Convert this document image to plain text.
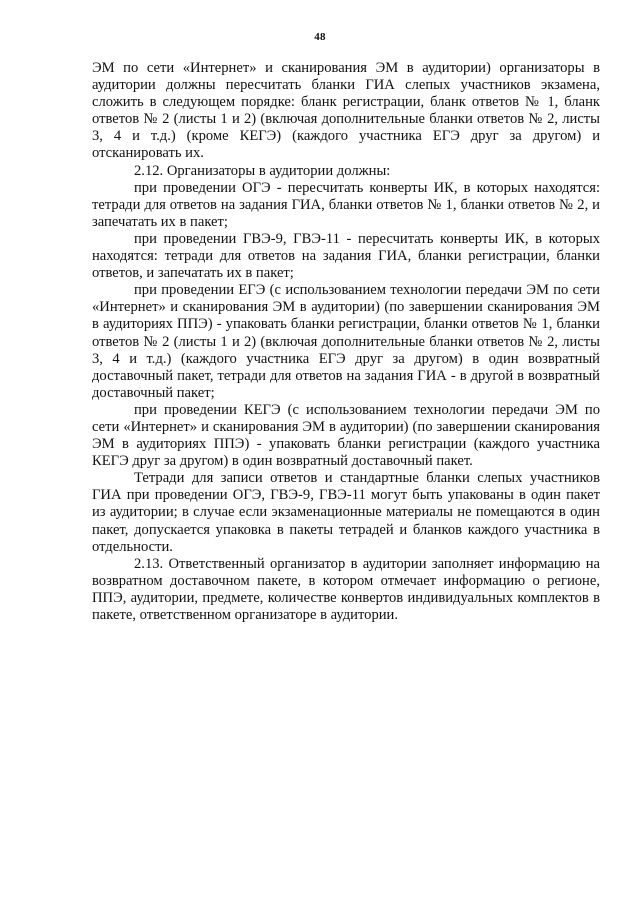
48

ЭМ по сети «Интернет» и сканирования ЭМ в аудитории) организаторы в аудитории должны пересчитать бланки ГИА слепых участников экзамена, сложить в следующем порядке: бланк регистрации, бланк ответов № 1, бланк ответов № 2 (листы 1 и 2) (включая дополнительные бланки ответов № 2, листы 3, 4 и т.д.) (кроме КЕГЭ) (каждого участника ЕГЭ друг за другом) и отсканировать их.

2.12. Организаторы в аудитории должны:

при проведении ОГЭ - пересчитать конверты ИК, в которых находятся: тетради для ответов на задания ГИА, бланки ответов № 1, бланки ответов № 2, и запечатать их в пакет;

при проведении ГВЭ-9, ГВЭ-11 - пересчитать конверты ИК, в которых находятся: тетради для ответов на задания ГИА, бланки регистрации, бланки ответов, и запечатать их в пакет;

при проведении ЕГЭ (с использованием технологии передачи ЭМ по сети «Интернет» и сканирования ЭМ в аудитории) (по завершении сканирования ЭМ в аудиториях ППЭ) - упаковать бланки регистрации, бланки ответов № 1, бланки ответов № 2 (листы 1 и 2) (включая дополнительные бланки ответов № 2, листы 3, 4 и т.д.) (каждого участника ЕГЭ друг за другом) в один возвратный доставочный пакет, тетради для ответов на задания ГИА - в другой в возвратный доставочный пакет;

при проведении КЕГЭ (с использованием технологии передачи ЭМ по сети «Интернет» и сканирования ЭМ в аудитории) (по завершении сканирования ЭМ в аудиториях ППЭ) - упаковать бланки регистрации (каждого участника КЕГЭ друг за другом) в один возвратный доставочный пакет.

Тетради для записи ответов и стандартные бланки слепых участников ГИА при проведении ОГЭ, ГВЭ-9, ГВЭ-11 могут быть упакованы в один пакет из аудитории; в случае если экзаменационные материалы не помещаются в один пакет, допускается упаковка в пакеты тетрадей и бланков каждого участника в отдельности.

2.13. Ответственный организатор в аудитории заполняет информацию на возвратном доставочном пакете, в котором отмечает информацию о регионе, ППЭ, аудитории, предмете, количестве конвертов индивидуальных комплектов в пакете, ответственном организаторе в аудитории.
